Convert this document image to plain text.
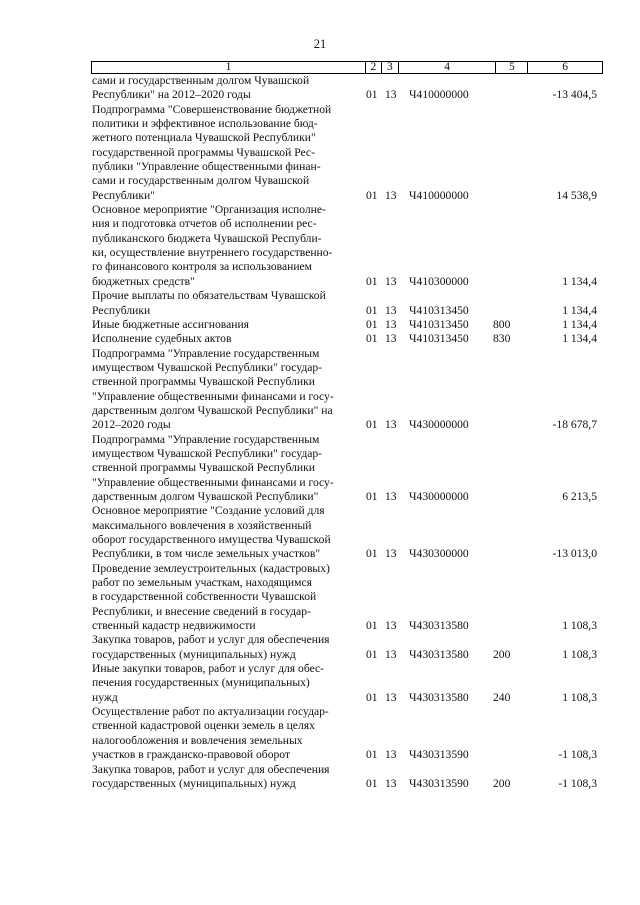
21
1	2 3	4	5	6
сами и государственным долгом Чувашской
Республики" на 2012–2020 годы	01 13 Ч410000000	-13 404,5
Подпрограмма "Совершенствование бюджетной
политики и эффективное использование бюд-
жетного потенциала Чувашской Республики"
государственной программы Чувашской Рес-
публики "Управление общественными финан-
сами и государственным долгом Чувашской
Республики"	01 13 Ч410000000	14 538,9
Основное мероприятие "Организация исполне-
ния и подготовка отчетов об исполнении рес-
публиканского бюджета Чувашской Республи-
ки, осуществление внутреннего государственно-
го финансового контроля за использованием
бюджетных средств"	01 13 Ч410300000	1 134,4
Прочие выплаты по обязательствам Чувашской
Республики	01 13 Ч410313450	1 134,4
Иные бюджетные ассигнования	01 13 Ч410313450 800	1 134,4
Исполнение судебных актов	01 13 Ч410313450 830	1 134,4
Подпрограмма "Управление государственным
имуществом Чувашской Республики" государ-
ственной программы Чувашской Республики
"Управление общественными финансами и госу-
дарственным долгом Чувашской Республики" на
2012–2020 годы	01 13 Ч430000000	-18 678,7
Подпрограмма "Управление государственным
имуществом Чувашской Республики" государ-
ственной программы Чувашской Республики
"Управление общественными финансами и госу-
дарственным долгом Чувашской Республики"	01 13 Ч430000000	6 213,5
Основное мероприятие "Создание условий для
максимального вовлечения в хозяйственный
оборот государственного имущества Чувашской
Республики, в том числе земельных участков"	01 13 Ч430300000	-13 013,0
Проведение землеустроительных (кадастровых)
работ по земельным участкам, находящимся
в государственной собственности Чувашской
Республики, и внесение сведений в государ-
ственный кадастр недвижимости	01 13 Ч430313580	1 108,3
Закупка товаров, работ и услуг для обеспечения
государственных (муниципальных) нужд	01 13 Ч430313580 200	1 108,3
Иные закупки товаров, работ и услуг для обес-
печения государственных (муниципальных)
нужд	01 13 Ч430313580 240	1 108,3
Осуществление работ по актуализации государ-
ственной кадастровой оценки земель в целях
налогообложения и вовлечения земельных
участков в гражданско-правовой оборот	01 13 Ч430313590	-1 108,3
Закупка товаров, работ и услуг для обеспечения
государственных (муниципальных) нужд	01 13 Ч430313590 200	-1 108,3
